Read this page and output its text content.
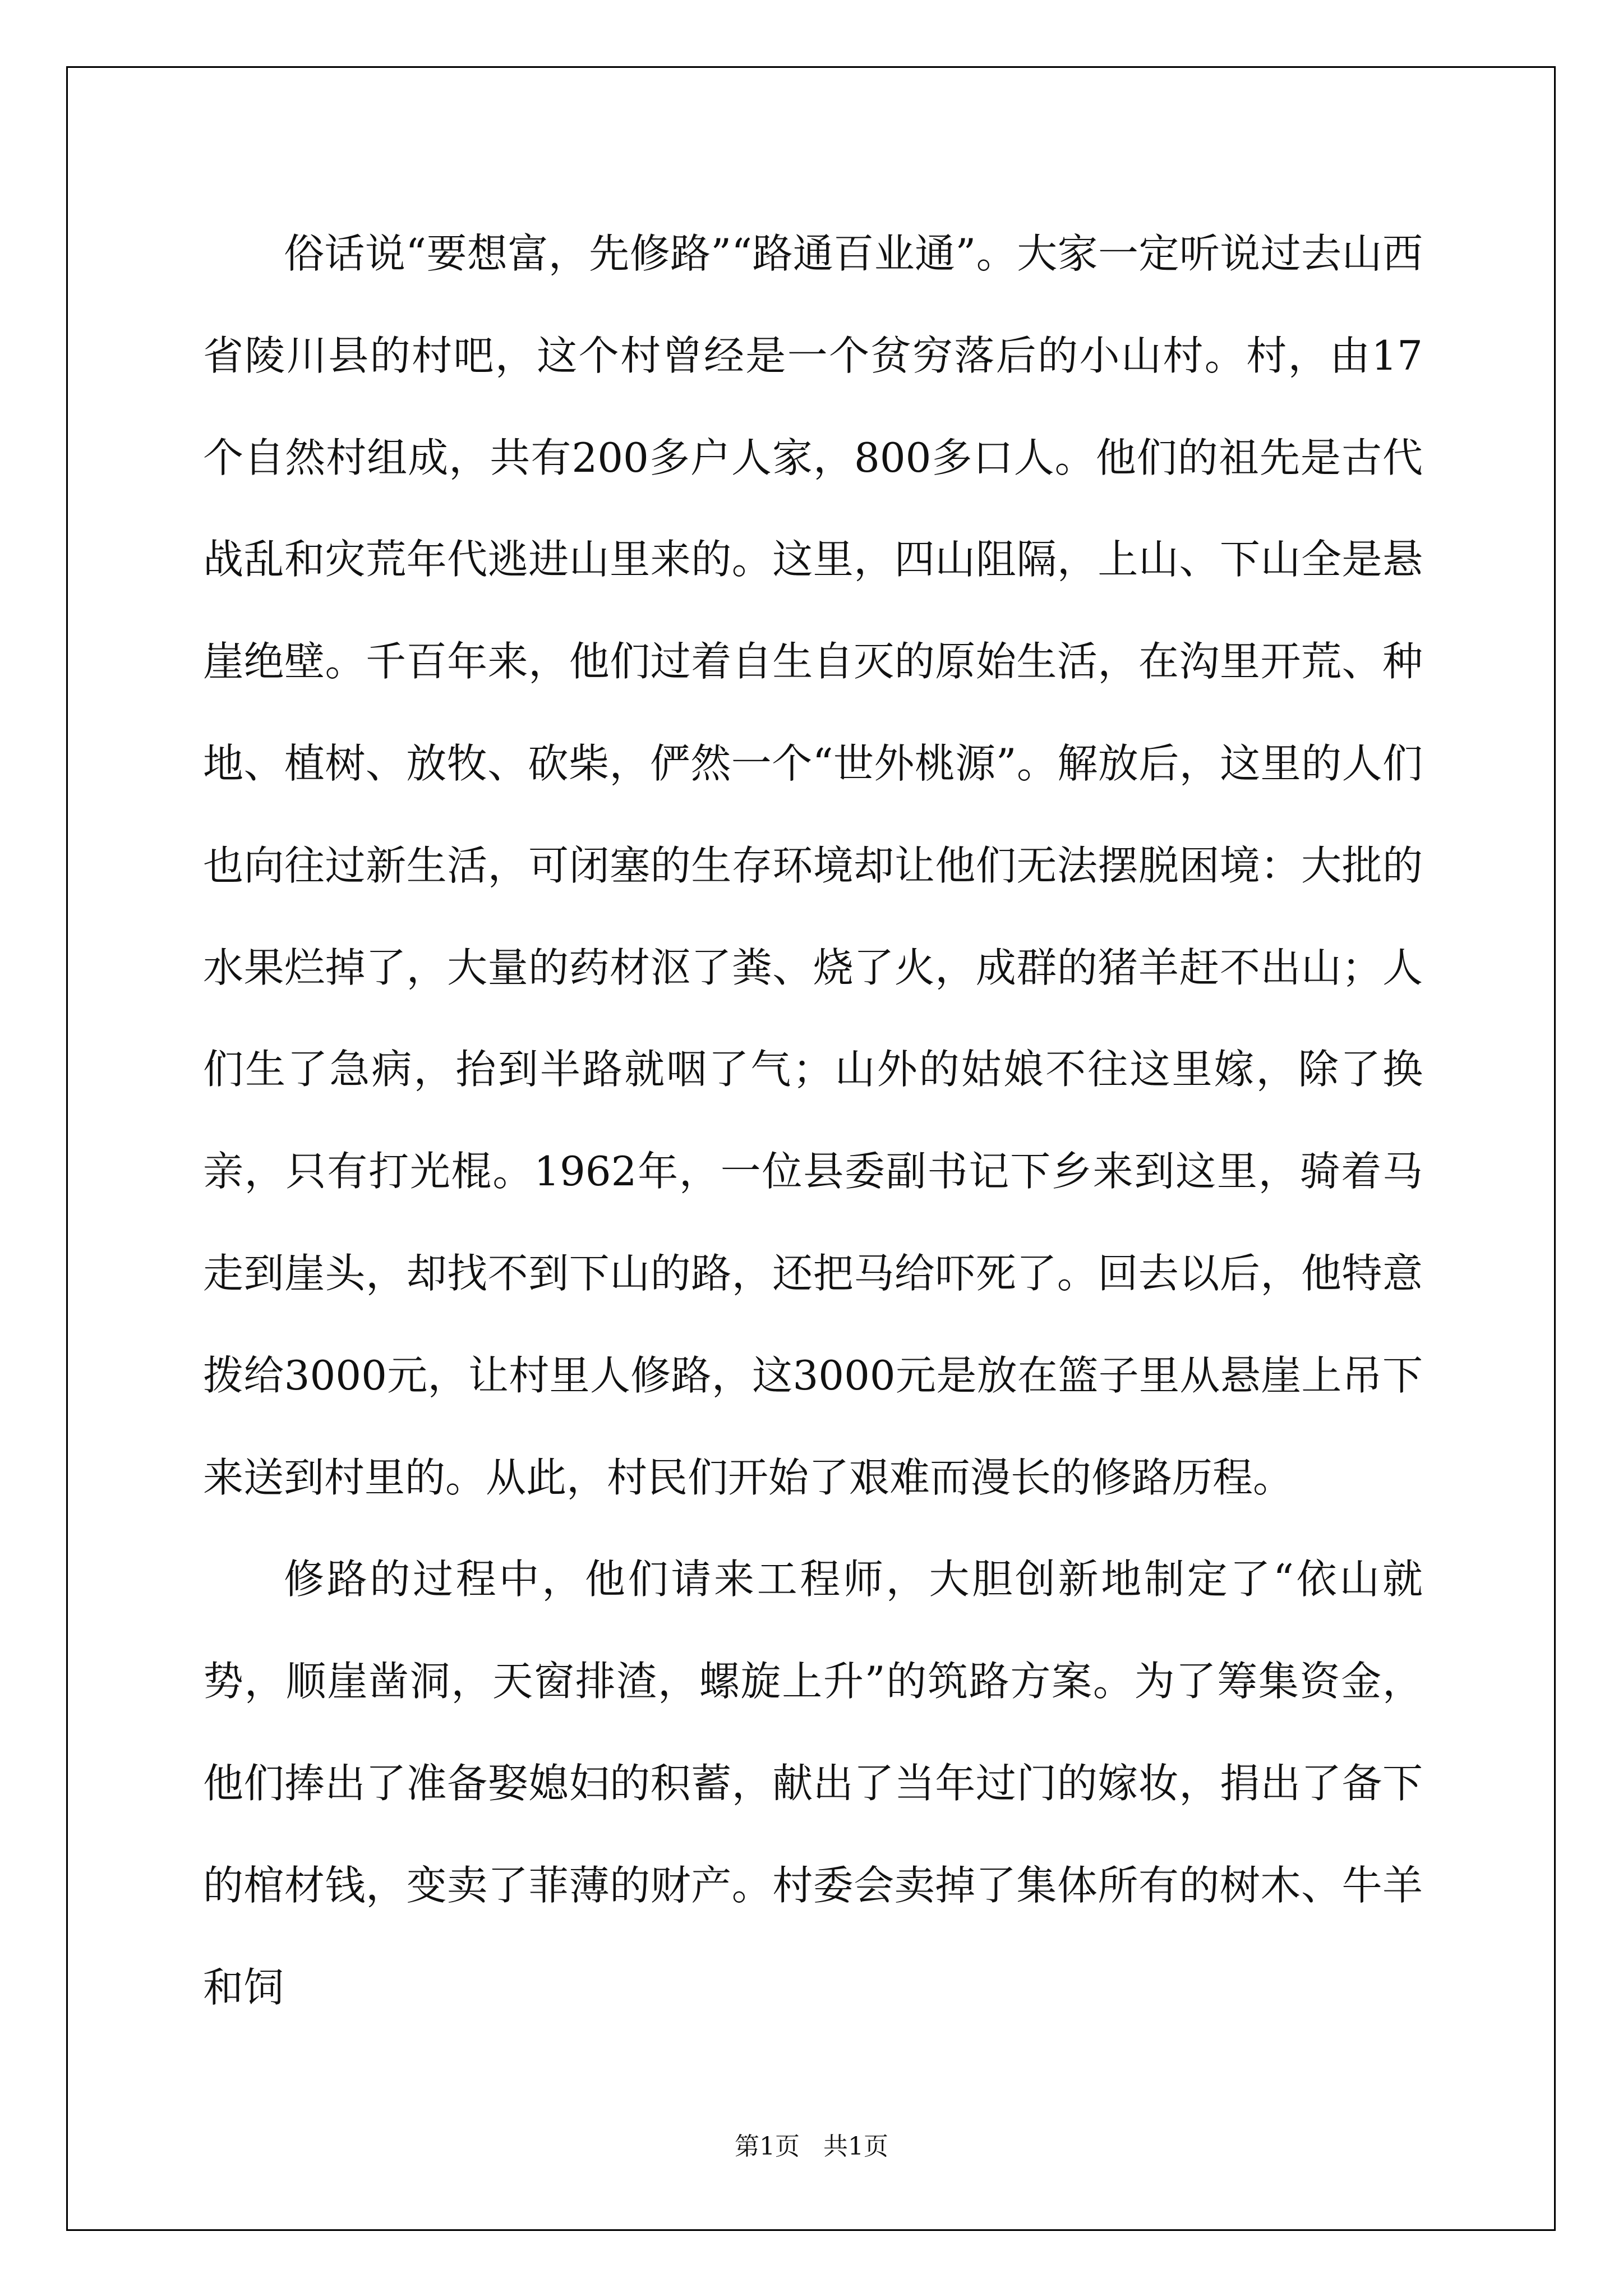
俗话说“要想富，先修路”“路通百业通”。大家一定听说过去山西省陵川县的村吧，这个村曾经是一个贫穷落后的小山村。村，由17个自然村组成，共有200多户人家，800多口人。他们的祖先是古代战乱和灾荒年代逃进山里来的。这里，四山阻隔，上山、下山全是悬崖绝壁。千百年来，他们过着自生自灭的原始生活，在沟里开荒、种地、植树、放牧、砍柴，俨然一个“世外桃源”。解放后，这里的人们也向往过新生活，可闭塞的生存环境却让他们无法摆脱困境：大批的水果烂掉了，大量的药材沤了粪、烧了火，成群的猪羊赶不出山；人们生了急病，抬到半路就咽了气；山外的姑娘不往这里嫁，除了换亲，只有打光棍。1962年，一位县委副书记下乡来到这里，骑着马走到崖头，却找不到下山的路，还把马给吓死了。回去以后，他特意拨给3000元，让村里人修路，这3000元是放在篮子里从悬崖上吊下来送到村里的。从此，村民们开始了艰难而漫长的修路历程。

修路的过程中，他们请来工程师，大胆创新地制定了“依山就势，顺崖凿洞，天窗排渣，螺旋上升”的筑路方案。为了筹集资金，他们捧出了准备娶媳妇的积蓄，献出了当年过门的嫁妆，捐出了备下的棺材钱，变卖了菲薄的财产。村委会卖掉了集体所有的树木、牛羊和饲

第1页   共1页
